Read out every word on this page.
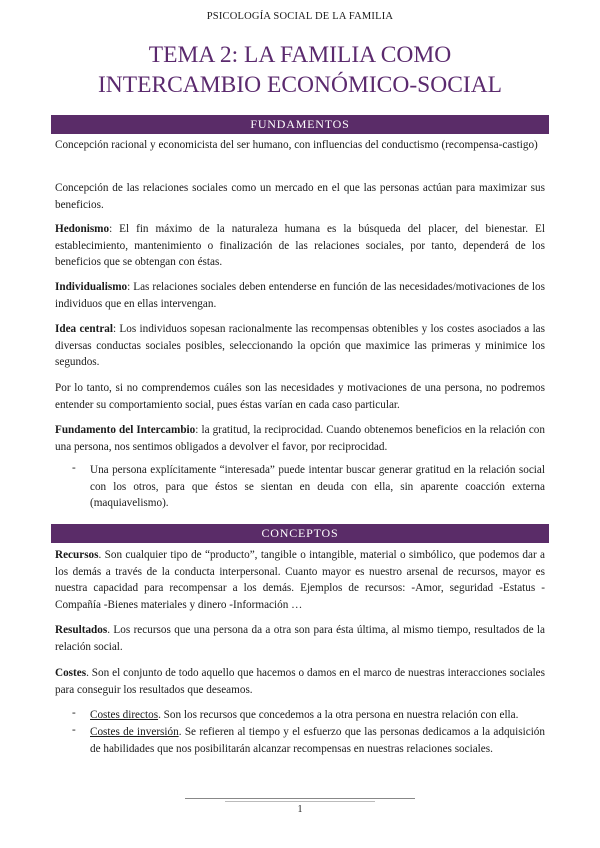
PSICOLOGÍA SOCIAL DE LA FAMILIA
TEMA 2: LA FAMILIA COMO
INTERCAMBIO ECONÓMICO-SOCIAL
FUNDAMENTOS

Concepción racional y economicista del ser humano, con influencias del conductismo (recompensa-castigo)

Concepción de las relaciones sociales como un mercado en el que las personas actúan para maximizar sus beneficios.

Hedonismo: El fin máximo de la naturaleza humana es la búsqueda del placer, del bienestar. El establecimiento, mantenimiento o finalización de las relaciones sociales, por tanto, dependerá de los beneficios que se obtengan con éstas.

Individualismo: Las relaciones sociales deben entenderse en función de las necesidades/motivaciones de los individuos que en ellas intervengan.

Idea central: Los individuos sopesan racionalmente las recompensas obtenibles y los costes asociados a las diversas conductas sociales posibles, seleccionando la opción que maximice las primeras y minimice los segundos.

Por lo tanto, si no comprendemos cuáles son las necesidades y motivaciones de una persona, no podremos entender su comportamiento social, pues éstas varían en cada caso particular.

Fundamento del Intercambio: la gratitud, la reciprocidad. Cuando obtenemos beneficios en la relación con una persona, nos sentimos obligados a devolver el favor, por reciprocidad.

- Una persona explícitamente “interesada” puede intentar buscar generar gratitud en la relación social con los otros, para que éstos se sientan en deuda con ella, sin aparente coacción externa (maquiavelismo).

CONCEPTOS

Recursos. Son cualquier tipo de “producto”, tangible o intangible, material o simbólico, que podemos dar a los demás a través de la conducta interpersonal. Cuanto mayor es nuestro arsenal de recursos, mayor es nuestra capacidad para recompensar a los demás. Ejemplos de recursos: -Amor, seguridad -Estatus -Compañía -Bienes materiales y dinero -Información …

Resultados. Los recursos que una persona da a otra son para ésta última, al mismo tiempo, resultados de la relación social.

Costes. Son el conjunto de todo aquello que hacemos o damos en el marco de nuestras interacciones sociales para conseguir los resultados que deseamos.

- Costes directos. Son los recursos que concedemos a la otra persona en nuestra relación con ella.

- Costes de inversión. Se refieren al tiempo y el esfuerzo que las personas dedicamos a la adquisición de habilidades que nos posibilitarán alcanzar recompensas en nuestras relaciones sociales.

1
